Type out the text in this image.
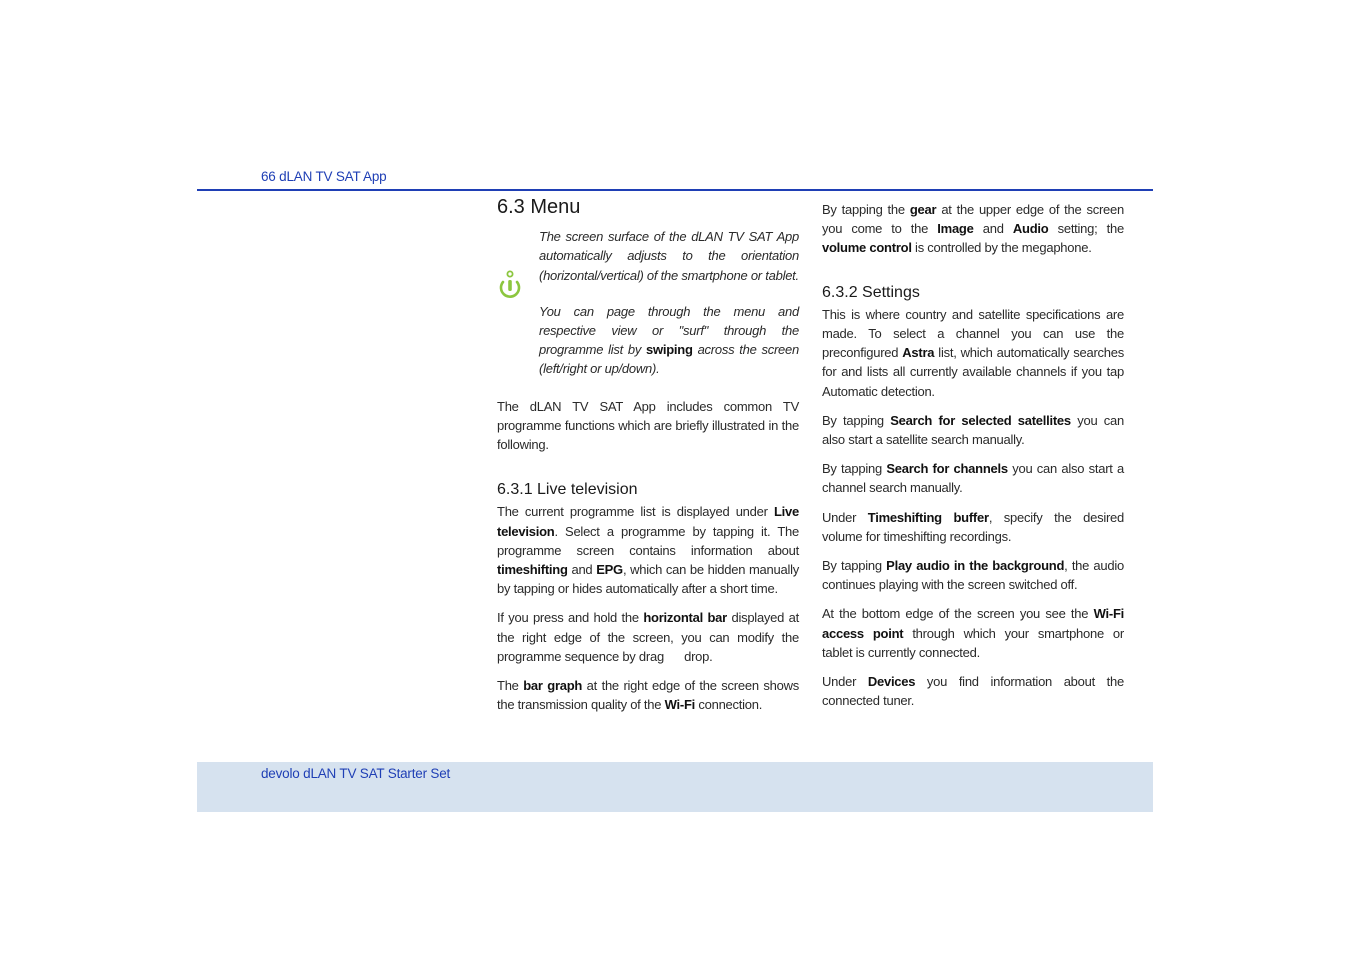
66 dLAN TV SAT App
6.3 Menu

The screen surface of the dLAN TV SAT App automatically adjusts to the orientation (horizontal/vertical) of the smartphone or tablet.

You can page through the menu and respective view or "surf" through the programme list by swiping across the screen (left/right or up/down).

The dLAN TV SAT App includes common TV programme functions which are briefly illustrated in the following.

6.3.1 Live television

The current programme list is displayed under Live television. Select a programme by tapping it. The programme screen contains information about timeshifting and EPG, which can be hidden manually by tapping or hides automatically after a short time.

If you press and hold the horizontal bar displayed at the right edge of the screen, you can modify the programme sequence by drag      drop.

The bar graph at the right edge of the screen shows the transmission quality of the Wi-Fi connection.

By tapping the gear at the upper edge of the screen you come to the Image and Audio setting; the volume control is controlled by the megaphone.

6.3.2 Settings

This is where country and satellite specifications are made. To select a channel you can use the preconfigured Astra list, which automatically searches for and lists all currently available channels if you tap Automatic detection.

By tapping Search for selected satellites you can also start a satellite search manually.

By tapping Search for channels you can also start a channel search manually.

Under Timeshifting buffer, specify the desired volume for timeshifting recordings.

By tapping Play audio in the background, the audio continues playing with the screen switched off.

At the bottom edge of the screen you see the Wi-Fi access point through which your smartphone or tablet is currently connected.

Under Devices you find information about the connected tuner.

devolo dLAN TV SAT Starter Set
